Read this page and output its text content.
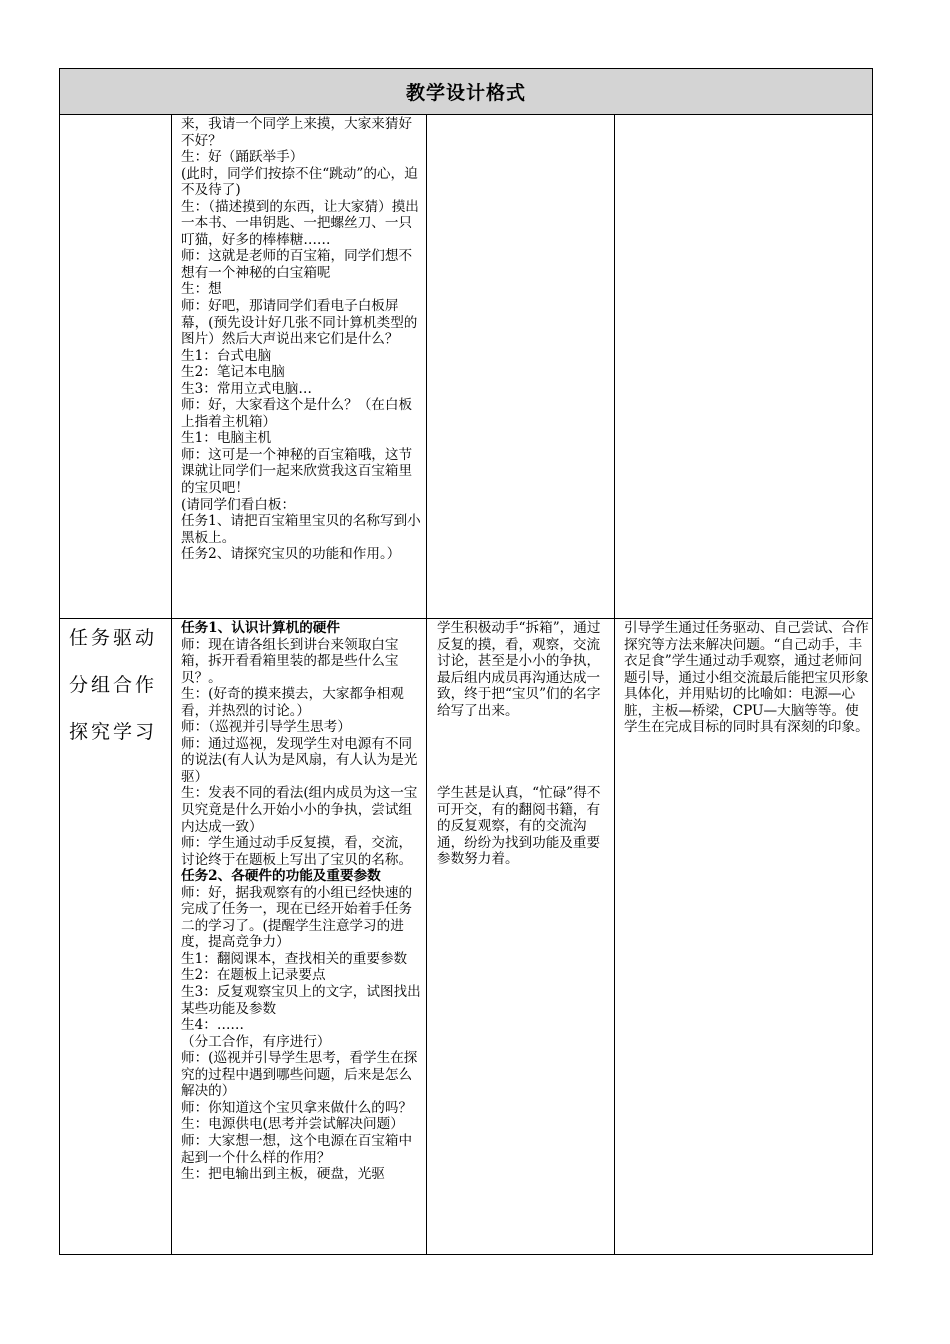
教学设计格式

来，我请一个同学上来摸，大家来猜好不好？

生：好（踊跃举手）

(此时，同学们按捺不住“跳动”的心，迫不及待了)

生：（描述摸到的东西，让大家猜）摸出一本书、一串钥匙、一把螺丝刀、一只叮猫，好多的棒棒糖……

师：这就是老师的百宝箱，同学们想不想有一个神秘的白宝箱呢

生：想

师：好吧，那请同学们看电子白板屏幕，(预先设计好几张不同计算机类型的图片）然后大声说出来它们是什么？

生1：台式电脑

生2：笔记本电脑

生3：常用立式电脑…

师：好，大家看这个是什么？（在白板上指着主机箱）

生1：电脑主机

师：这可是一个神秘的百宝箱哦，这节课就让同学们一起来欣赏我这百宝箱里的宝贝吧！

(请同学们看白板：

任务1、请把百宝箱里宝贝的名称写到小黑板上。

任务2、请探究宝贝的功能和作用。）

任务驱动

分组合作

探究学习

任务1、认识计算机的硬件

师：现在请各组长到讲台来领取白宝箱，拆开看看箱里装的都是些什么宝贝？。

生：(好奇的摸来摸去，大家都争相观看，并热烈的讨论。）

师：（巡视并引导学生思考）

师：通过巡视，发现学生对电源有不同的说法(有人认为是风扇，有人认为是光驱）

生：发表不同的看法(组内成员为这一宝贝究竟是什么开始小小的争执，尝试组内达成一致）

师：学生通过动手反复摸，看，交流，讨论终于在题板上写出了宝贝的名称。

任务2、各硬件的功能及重要参数

师：好，据我观察有的小组已经快速的完成了任务一，现在已经开始着手任务二的学习了。(提醒学生注意学习的进度，提高竞争力）

生1：翻阅课本，查找相关的重要参数

生2：在题板上记录要点

生3：反复观察宝贝上的文字，试图找出某些功能及参数

生4：……

（分工合作，有序进行）

师：(巡视并引导学生思考，看学生在探究的过程中遇到哪些问题，后来是怎么解决的）

师：你知道这个宝贝拿来做什么的吗？

生：电源供电(思考并尝试解决问题）

师：大家想一想，这个电源在百宝箱中起到一个什么样的作用？

生：把电输出到主板，硬盘，光驱

学生积极动手“拆箱”，通过反复的摸，看，观察，交流讨论，甚至是小小的争执，最后组内成员再沟通达成一致，终于把“宝贝”们的名字给写了出来。

学生甚是认真，“忙碌”得不可开交，有的翻阅书籍，有的反复观察，有的交流沟通，纷纷为找到功能及重要参数努力着。

引导学生通过任务驱动、自己尝试、合作探究等方法来解决问题。“自己动手，丰衣足食”学生通过动手观察，通过老师问题引导，通过小组交流最后能把宝贝形象具体化，并用贴切的比喻如：电源—心脏，主板—桥梁，CPU—大脑等等。使学生在完成目标的同时具有深刻的印象。
